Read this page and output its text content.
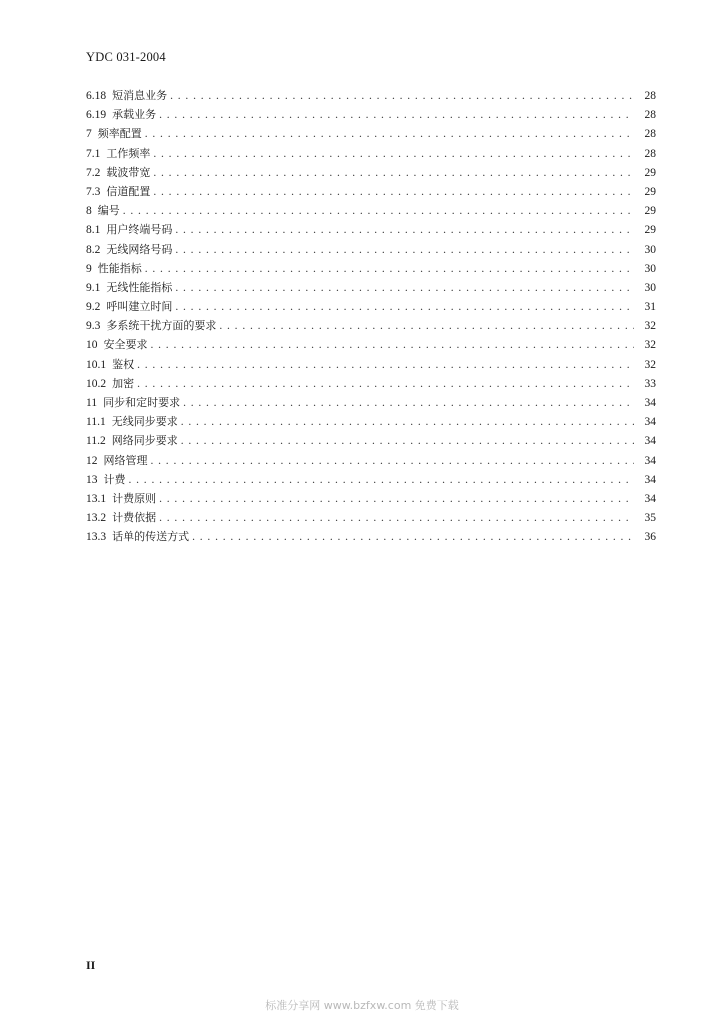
YDC 031-2004
6.18 短消息业务 . . .	28
6.19 承载业务 . . .	28
7 频率配置 . . .	28
7.1 工作频率 . . .	28
7.2 载波带宽 . . .	29
7.3 信道配置 . . .	29
8 编号 . . .	29
8.1 用户终端号码 . . .	29
8.2 无线网络号码 . . .	30
9 性能指标 . . .	30
9.1 无线性能指标 . . .	30
9.2 呼叫建立时间 . . .	31
9.3 多系统干扰方面的要求 . . .	32
10 安全要求 . . .	32
10.1 鉴权 . . .	32
10.2 加密 . . .	33
11 同步和定时要求 . . .	34
11.1 无线同步要求 . . .	34
11.2 网络同步要求 . . .	34
12 网络管理 . . .	34
13 计费 . . .	34
13.1 计费原则 . . .	34
13.2 计费依据 . . .	35
13.3 话单的传送方式 . . .	36
II
标准分享网 www.bzfxw.com 免费下载
